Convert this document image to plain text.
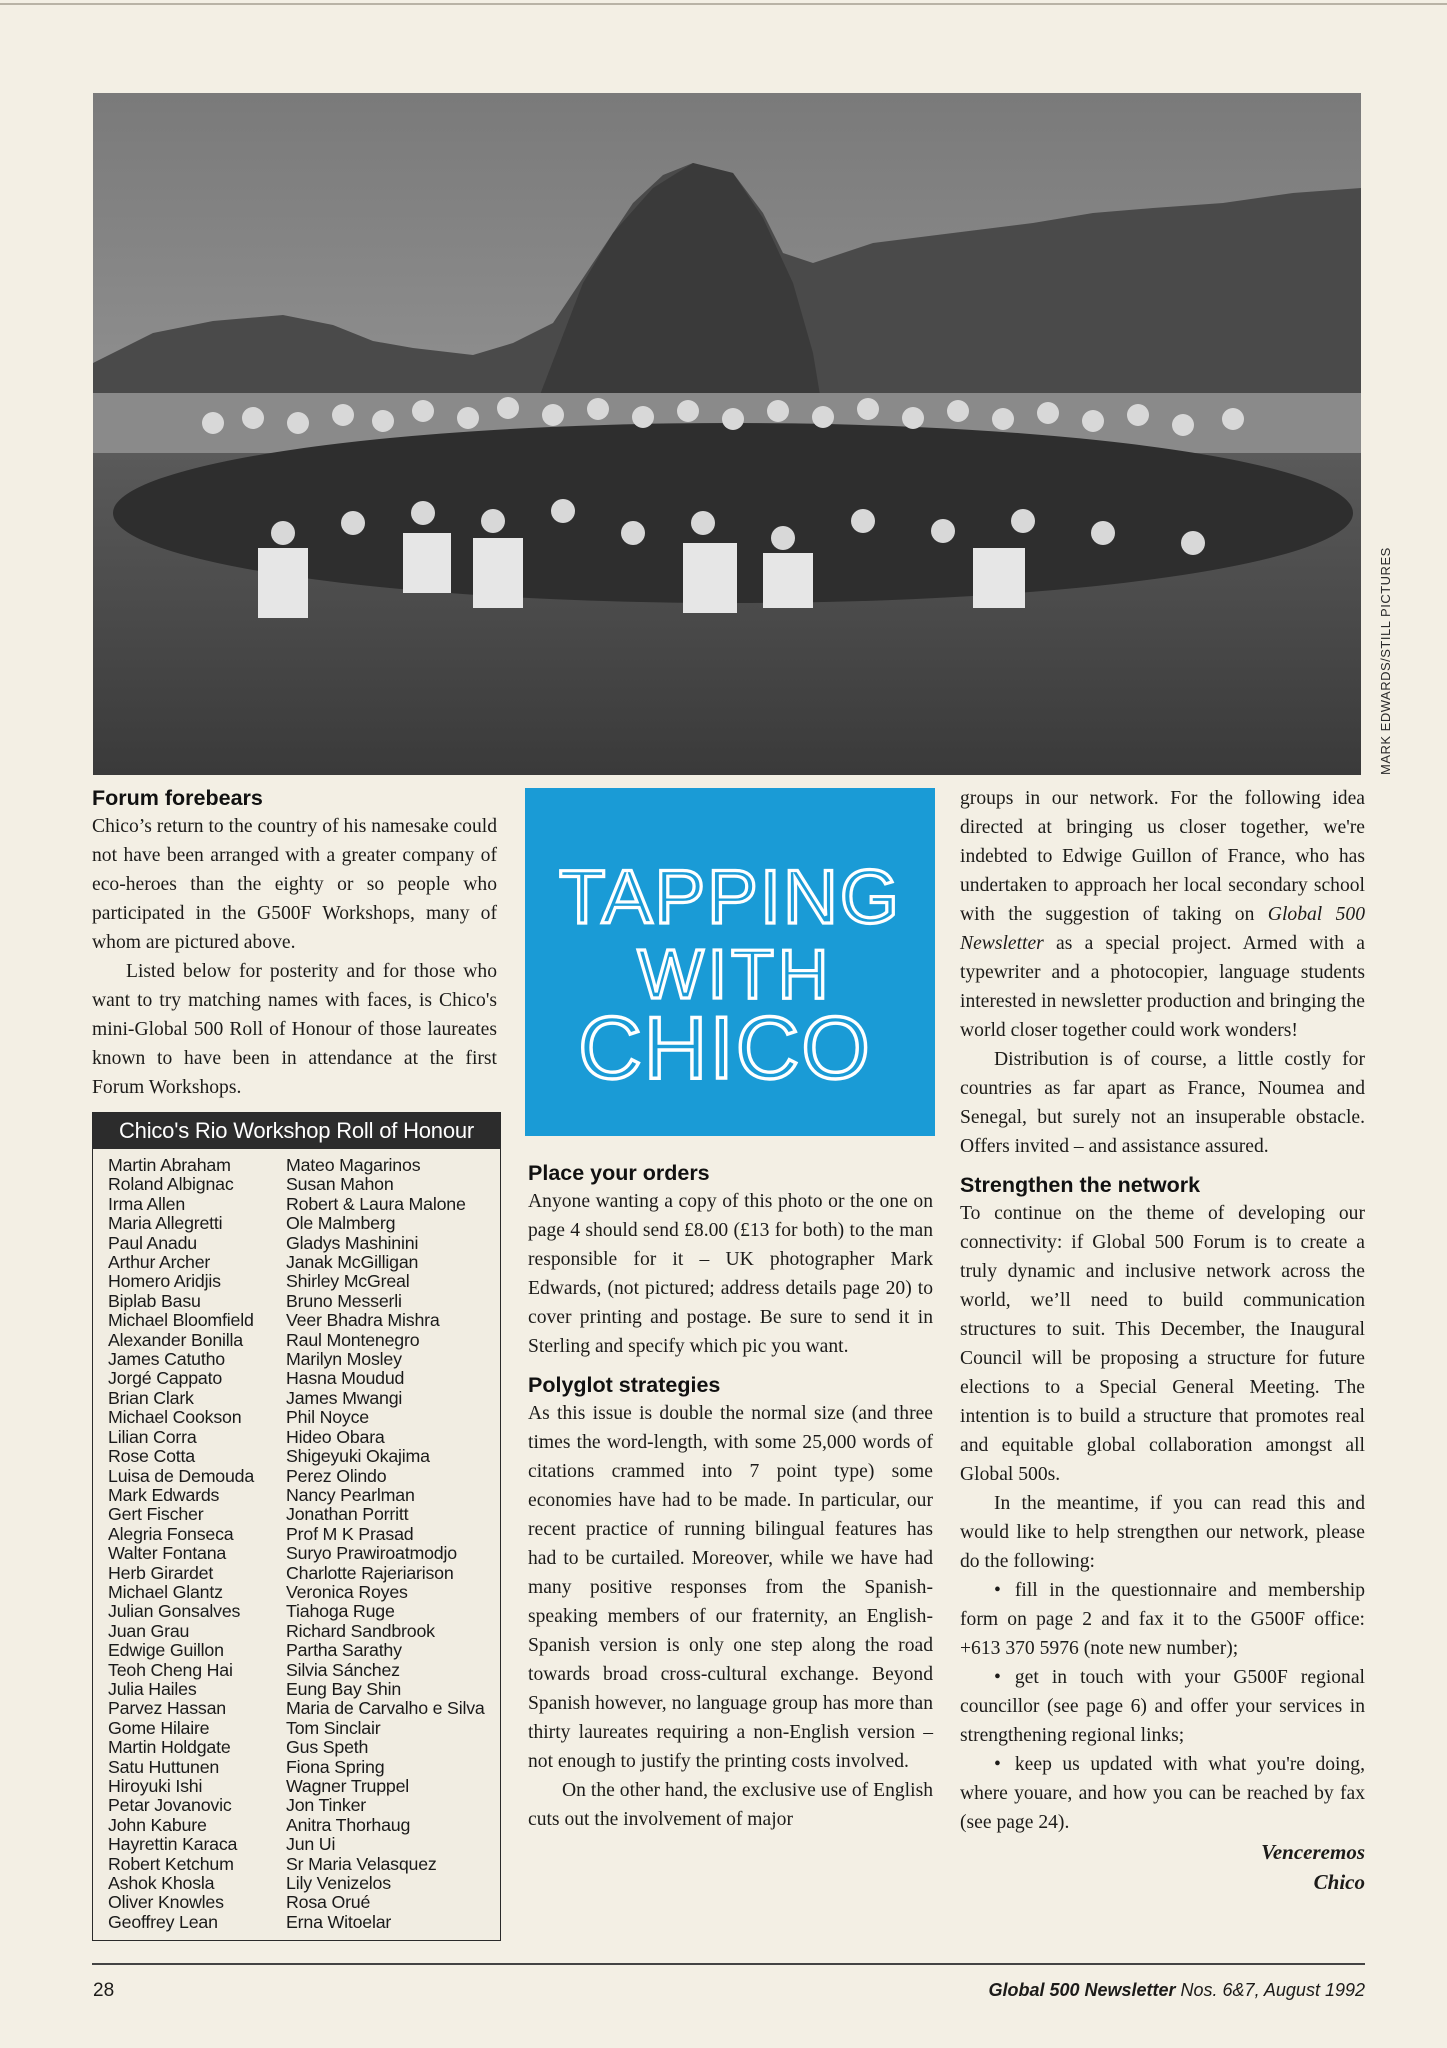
MARK EDWARDS/STILL PICTURES
Forum forebears

Chico’s return to the country of his namesake could not have been arranged with a greater company of eco-heroes than the eighty or so people who participated in the G500F Workshops, many of whom are pictured above.

Listed below for posterity and for those who want to try matching names with faces, is Chico's mini-Global 500 Roll of Honour of those laureates known to have been in attendance at the first Forum Workshops.

Chico's Rio Workshop Roll of Honour
Martin Abraham
Roland Albignac
Irma Allen
Maria Allegretti
Paul Anadu
Arthur Archer
Homero Aridjis
Biplab Basu
Michael Bloomfield
Alexander Bonilla
James Catutho
Jorgé Cappato
Brian Clark
Michael Cookson
Lilian Corra
Rose Cotta
Luisa de Demouda
Mark Edwards
Gert Fischer
Alegria Fonseca
Walter Fontana
Herb Girardet
Michael Glantz
Julian Gonsalves
Juan Grau
Edwige Guillon
Teoh Cheng Hai
Julia Hailes
Parvez Hassan
Gome Hilaire
Martin Holdgate
Satu Huttunen
Hiroyuki Ishi
Petar Jovanovic
John Kabure
Hayrettin Karaca
Robert Ketchum
Ashok Khosla
Oliver Knowles
Geoffrey Lean
Mateo Magarinos
Susan Mahon
Robert & Laura Malone
Ole Malmberg
Gladys Mashinini
Janak McGilligan
Shirley McGreal
Bruno Messerli
Veer Bhadra Mishra
Raul Montenegro
Marilyn Mosley
Hasna Moudud
James Mwangi
Phil Noyce
Hideo Obara
Shigeyuki Okajima
Perez Olindo
Nancy Pearlman
Jonathan Porritt
Prof M K Prasad
Suryo Prawiroatmodjo
Charlotte Rajeriarison
Veronica Royes
Tiahoga Ruge
Richard Sandbrook
Partha Sarathy
Silvia Sánchez
Eung Bay Shin
Maria de Carvalho e Silva
Tom Sinclair
Gus Speth
Fiona Spring
Wagner Truppel
Jon Tinker
Anitra Thorhaug
Jun Ui
Sr Maria Velasquez
Lily Venizelos
Rosa Orué
Erna Witoelar
TAPPING
WITH
CHICO
Place your orders

Anyone wanting a copy of this photo or the one on page 4 should send £8.00 (£13 for both) to the man responsible for it – UK photographer Mark Edwards, (not pictured; address details page 20) to cover printing and postage. Be sure to send it in Sterling and specify which pic you want.

Polyglot strategies

As this issue is double the normal size (and three times the word-length, with some 25,000 words of citations crammed into 7 point type) some economies have had to be made. In particular, our recent practice of running bilingual features has had to be curtailed. Moreover, while we have had many positive responses from the Spanish-speaking members of our fraternity, an English-Spanish version is only one step along the road towards broad cross-cultural exchange. Beyond Spanish however, no language group has more than thirty laureates requiring a non-English version – not enough to justify the printing costs involved.

On the other hand, the exclusive use of English cuts out the involvement of major

groups in our network. For the following idea directed at bringing us closer together, we're indebted to Edwige Guillon of France, who has undertaken to approach her local secondary school with the suggestion of taking on Global 500 Newsletter as a special project. Armed with a typewriter and a photocopier, language students interested in newsletter production and bringing the world closer together could work wonders!

Distribution is of course, a little costly for countries as far apart as France, Noumea and Senegal, but surely not an insuperable obstacle. Offers invited – and assistance assured.

Strengthen the network

To continue on the theme of developing our connectivity: if Global 500 Forum is to create a truly dynamic and inclusive network across the world, we’ll need to build communication structures to suit. This December, the Inaugural Council will be proposing a structure for future elections to a Special General Meeting. The intention is to build a structure that promotes real and equitable global collaboration amongst all Global 500s.

In the meantime, if you can read this and would like to help strengthen our network, please do the following:

• fill in the questionnaire and membership form on page 2 and fax it to the G500F office: +613 370 5976 (note new number);
• get in touch with your G500F regional councillor (see page 6) and offer your services in strengthening regional links;
• keep us updated with what you're doing, where youare, and how you can be reached by fax (see page 24).
Venceremos
Chico
28	Global 500 Newsletter Nos. 6&7, August 1992
